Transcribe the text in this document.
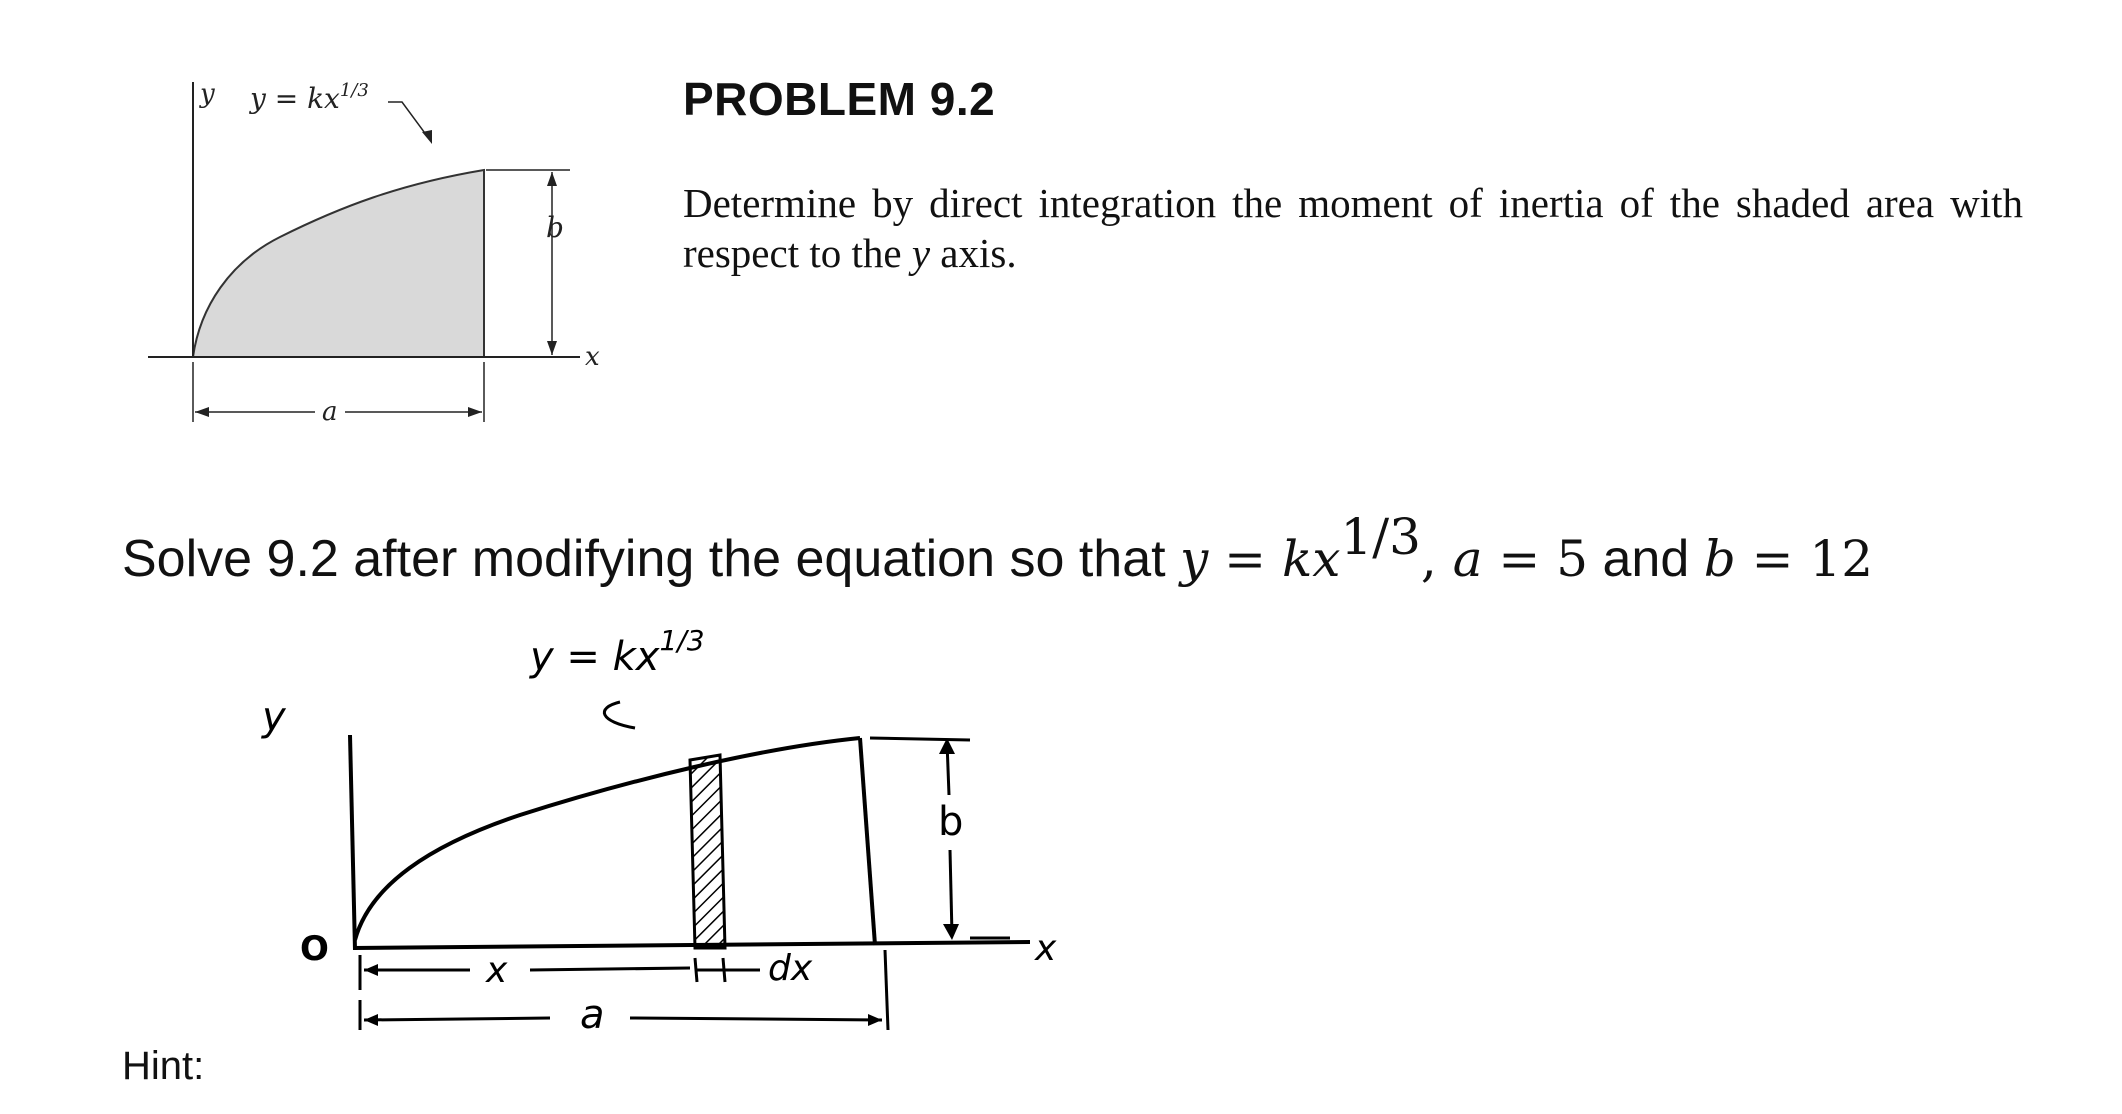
b
a
y
x
$y = kx^{1/3}$	PROBLEM 9.2
Determine by direct integration the moment of inertia of the shaded area with respect to the y axis.
Solve 9.2 after modifying the equation so that $y = kx^{1/3}$, a = 5 and b = 12
b
x	dx
a
y
x
O
$y = kx^{1/3}$
Hint:
